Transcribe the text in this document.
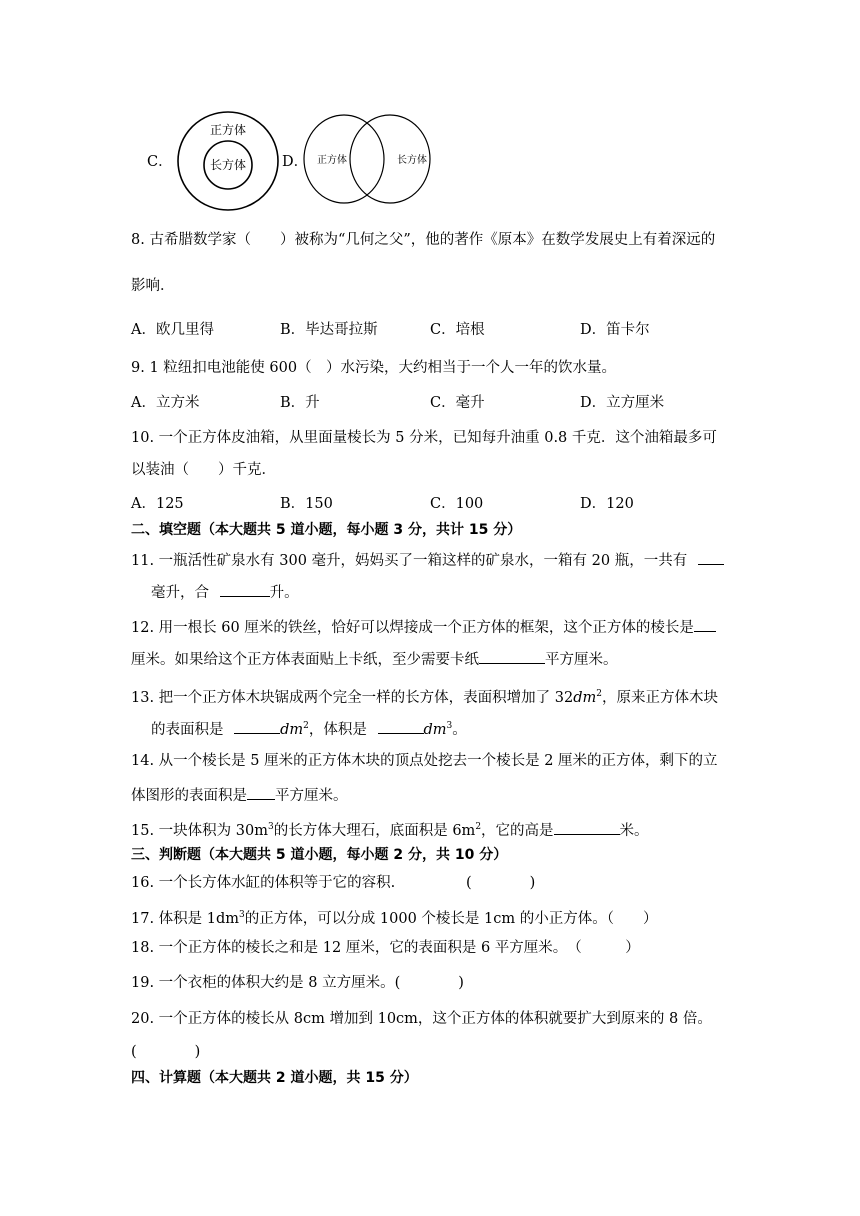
C．
正方体
长方体 D． 正方体	长方体
8. 古希腊数学家（　　）被称为“几何之父”，他的著作《原本》在数学发展史上有着深远的
影响．
A．欧几里得	B．毕达哥拉斯	C．培根	D．笛卡尔
9. 1 粒纽扣电池能使 600（　）水污染，大约相当于一个人一年的饮水量。
A．立方米	B．升	C．毫升	D．立方厘米
10. 一个正方体皮油箱，从里面量棱长为 5 分米，已知每升油重 0.8 千克．这个油箱最多可
以装油（　　）千克．
A．125	B．150	C．100	D．120
二、填空题（本大题共 5 道小题，每小题 3 分，共计 15 分）
11. 一瓶活性矿泉水有 300 毫升，妈妈买了一箱这样的矿泉水，一箱有 20 瓶，一共有
毫升，合	升。
12. 用一根长 60 厘米的铁丝，恰好可以焊接成一个正方体的框架，这个正方体的棱长是
厘米。如果给这个正方体表面贴上卡纸，至少需要卡纸	平方厘米。
13. 把一个正方体木块锯成两个完全一样的长方体，表面积增加了 $32dm^2$，原来正方体木块
的表面积是	$dm^2$，体积是	$dm^3$。
14. 从一个棱长是 5 厘米的正方体木块的顶点处挖去一个棱长是 2 厘米的正方体，剩下的立
体图形的表面积是 平方厘米。
15. 一块体积为 $30m^3$的长方体大理石，底面积是 $6m^2$，它的高是	米。
三、判断题（本大题共 5 道小题，每小题 2 分，共 10 分）
16. 一个长方体水缸的体积等于它的容积.	(　　　　)
17. 体积是 $1dm^3$的正方体，可以分成 1000 个棱长是 1cm 的小正方体。（　　）
18. 一个正方体的棱长之和是 12 厘米，它的表面积是 6 平方厘米。　（　　　）
19. 一个衣柜的体积大约是 8 立方厘米。(　　　　)
20. 一个正方体的棱长从 8cm 增加到 10cm，这个正方体的体积就要扩大到原来的 8 倍。
(　　　　)
四、计算题（本大题共 2 道小题，共 15 分）
